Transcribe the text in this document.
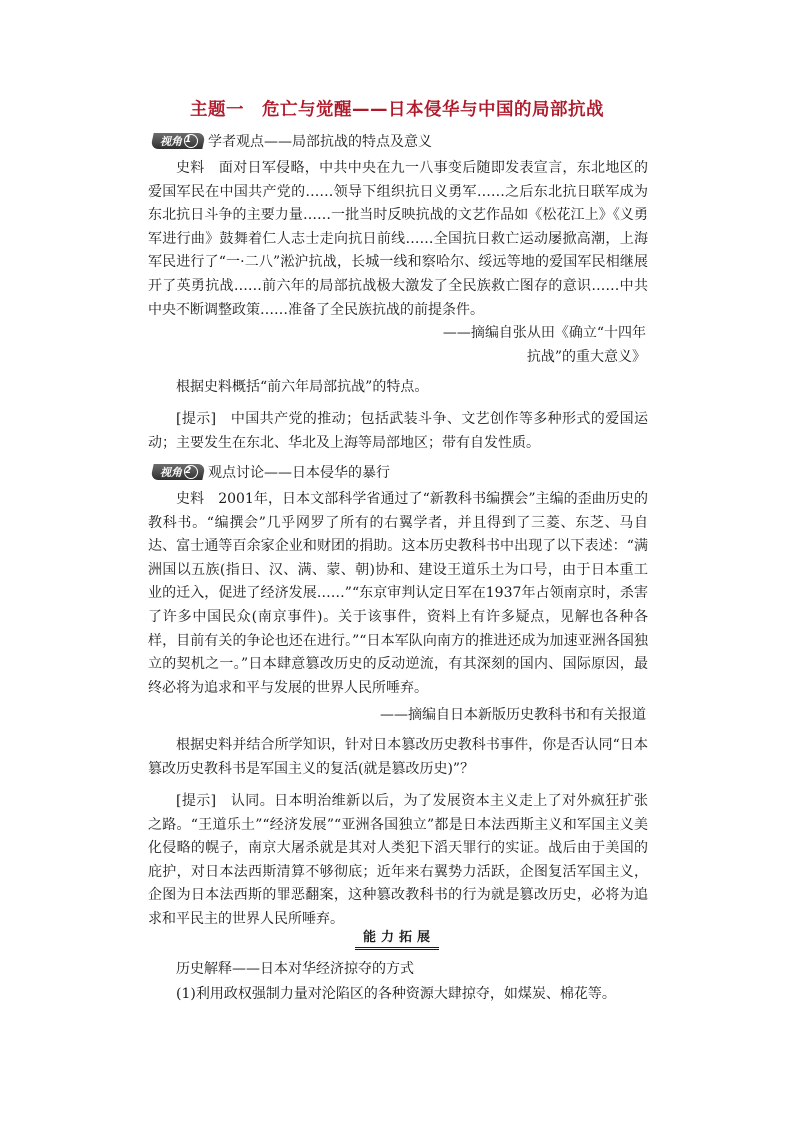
主题一　危亡与觉醒——日本侵华与中国的局部抗战
视角 1	学者观点——局部抗战的特点及意义

史料　面对日军侵略，中共中央在九一八事变后随即发表宣言，东北地区的爱国军民在中国共产党的……领导下组织抗日义勇军……之后东北抗日联军成为东北抗日斗争的主要力量……一批当时反映抗战的文艺作品如《松花江上》《义勇军进行曲》鼓舞着仁人志士走向抗日前线……全国抗日救亡运动屡掀高潮，上海军民进行了“一·二八”淞沪抗战，长城一线和察哈尔、绥远等地的爱国军民相继展开了英勇抗战……前六年的局部抗战极大激发了全民族救亡图存的意识……中共中央不断调整政策……准备了全民族抗战的前提条件。

——摘编自张从田《确立“十四年

抗战”的重大意义》

根据史料概括“前六年局部抗战”的特点。

[提示]　中国共产党的推动；包括武装斗争、文艺创作等多种形式的爱国运动；主要发生在东北、华北及上海等局部地区；带有自发性质。

视角 2	观点讨论——日本侵华的暴行

史料　2001年，日本文部科学省通过了“新教科书编撰会”主编的歪曲历史的教科书。“编撰会”几乎网罗了所有的右翼学者，并且得到了三菱、东芝、马自达、富士通等百余家企业和财团的捐助。这本历史教科书中出现了以下表述：“满洲国以五族(指日、汉、满、蒙、朝)协和、建设王道乐土为口号，由于日本重工业的迁入，促进了经济发展……”“东京审判认定日军在1937年占领南京时，杀害了许多中国民众(南京事件)。关于该事件，资料上有许多疑点，见解也各种各样，目前有关的争论也还在进行。”“日本军队向南方的推进还成为加速亚洲各国独立的契机之一。”日本肆意篡改历史的反动逆流，有其深刻的国内、国际原因，最终必将为追求和平与发展的世界人民所唾弃。

——摘编自日本新版历史教科书和有关报道

根据史料并结合所学知识，针对日本篡改历史教科书事件，你是否认同“日本篡改历史教科书是军国主义的复活(就是篡改历史)”？

[提示]　认同。日本明治维新以后，为了发展资本主义走上了对外疯狂扩张之路。“王道乐土”“经济发展”“亚洲各国独立”都是日本法西斯主义和军国主义美化侵略的幌子，南京大屠杀就是其对人类犯下滔天罪行的实证。战后由于美国的庇护，对日本法西斯清算不够彻底；近年来右翼势力活跃，企图复活军国主义，企图为日本法西斯的罪恶翻案，这种篡改教科书的行为就是篡改历史，必将为追求和平民主的世界人民所唾弃。

能力拓展

历史解释——日本对华经济掠夺的方式

(1)利用政权强制力量对沦陷区的各种资源大肆掠夺，如煤炭、棉花等。
